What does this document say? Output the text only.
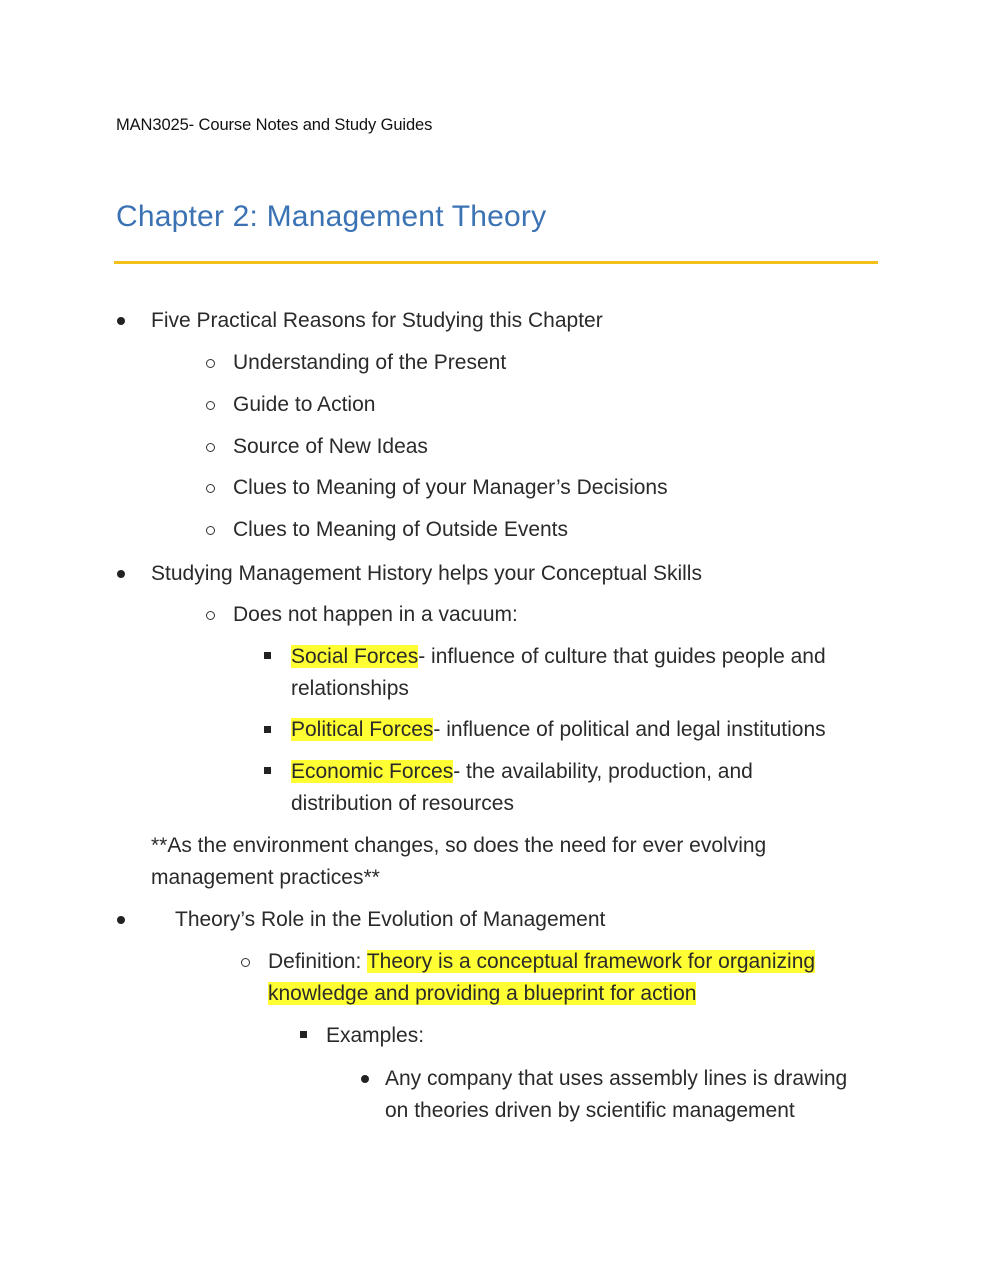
MAN3025- Course Notes and Study Guides
Chapter 2: Management Theory
Five Practical Reasons for Studying this Chapter
Understanding of the Present
Guide to Action
Source of New Ideas
Clues to Meaning of your Manager’s Decisions
Clues to Meaning of Outside Events
Studying Management History helps your Conceptual Skills
Does not happen in a vacuum:
Social Forces- influence of culture that guides people and
relationships
Political Forces- influence of political and legal institutions
Economic Forces- the availability, production, and
distribution of resources
**As the environment changes, so does the need for ever evolving
management practices**
Theory’s Role in the Evolution of Management
Definition: Theory is a conceptual framework for organizing
knowledge and providing a blueprint for action
Examples:
Any company that uses assembly lines is drawing
on theories driven by scientific management
